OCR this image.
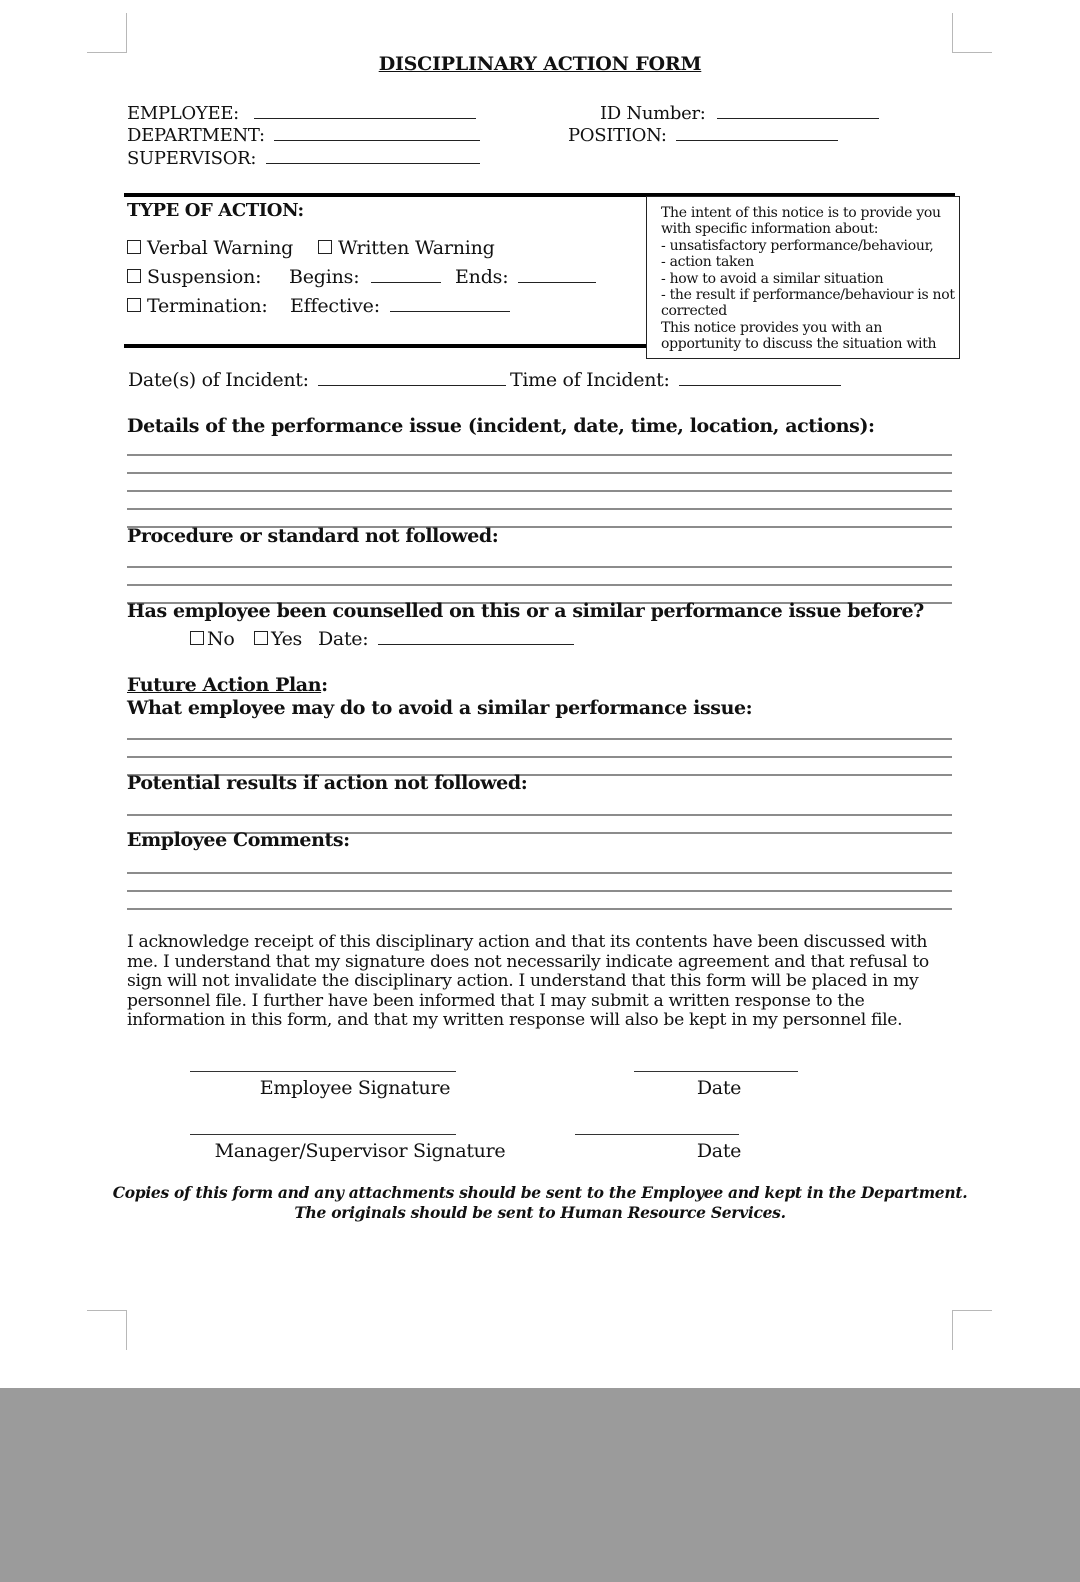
DISCIPLINARY ACTION FORM
EMPLOYEE:	ID Number:
DEPARTMENT:	POSITION:
SUPERVISOR:
TYPE OF ACTION:
Verbal Warning	Written Warning
Suspension: Begins:	Ends:
Termination: Effective:
The intent of this notice is to provide you
with specific information about:
- unsatisfactory performance/behaviour,
- action taken
- how to avoid a similar situation
- the result if performance/behaviour is not
corrected
This notice provides you with an
opportunity to discuss the situation with
Date(s) of Incident:	Time of Incident:
Details of the performance issue (incident, date, time, location, actions):
Procedure or standard not followed:
Has employee been counselled on this or a similar performance issue before?
No	Yes Date:
Future Action Plan:
What employee may do to avoid a similar performance issue:
Potential results if action not followed:
Employee Comments:
I acknowledge receipt of this disciplinary action and that its contents have been discussed with me. I understand that my signature does not necessarily indicate agreement and that refusal to sign will not invalidate the disciplinary action. I understand that this form will be placed in my personnel file. I further have been informed that I may submit a written response to the information in this form, and that my written response will also be kept in my personnel file.
Employee Signature	Date
Manager/Supervisor Signature	Date
Copies of this form and any attachments should be sent to the Employee and kept in the Department.
The originals should be sent to Human Resource Services.
